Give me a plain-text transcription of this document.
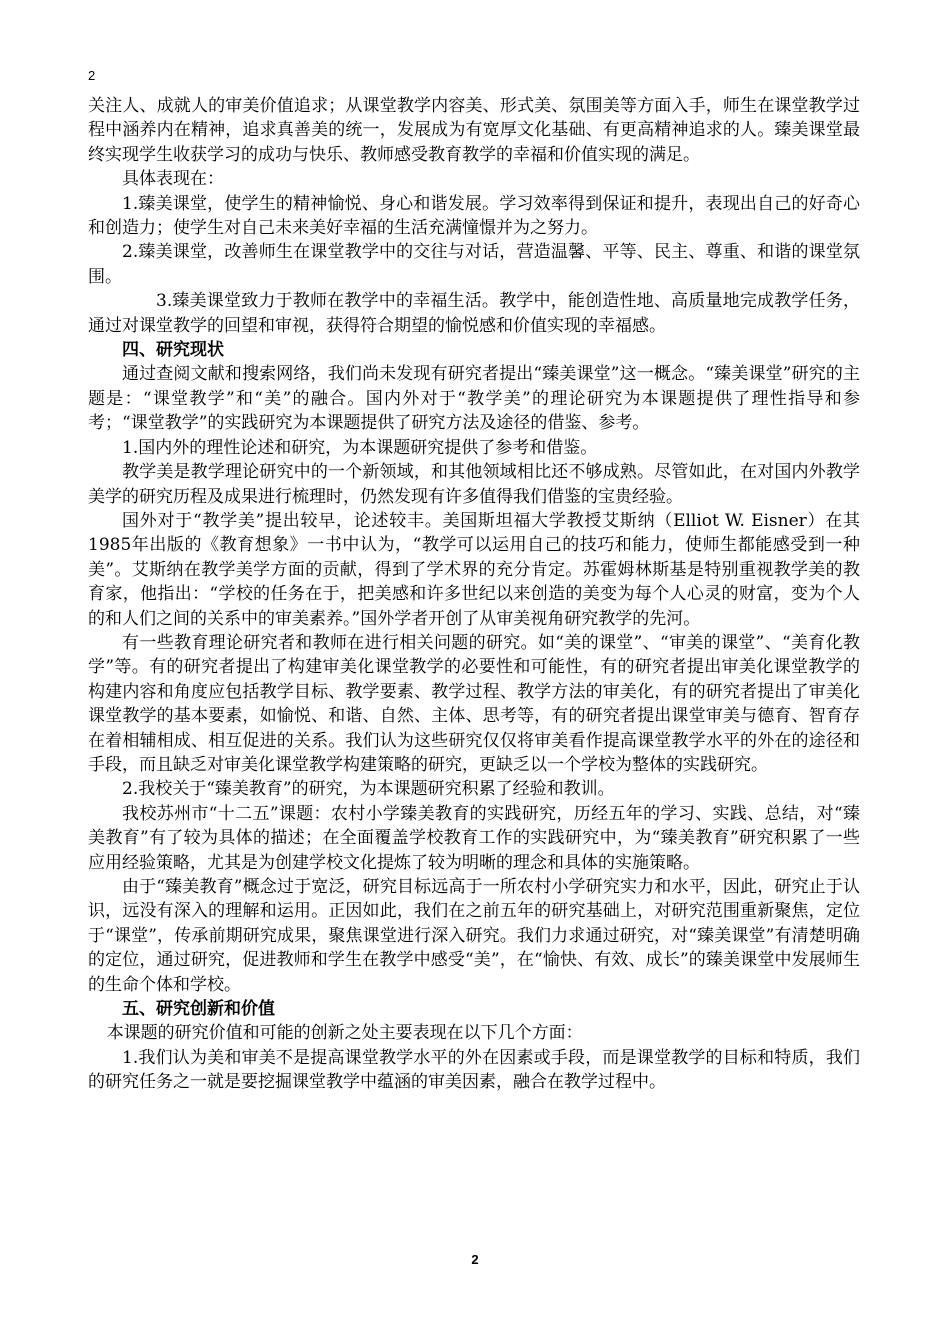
2

关注人、成就人的审美价值追求；从课堂教学内容美、形式美、氛围美等方面入手，师生在课堂教学过程中涵养内在精神，追求真善美的统一，发展成为有宽厚文化基础、有更高精神追求的人。臻美课堂最终实现学生收获学习的成功与快乐、教师感受教育教学的幸福和价值实现的满足。

具体表现在：

1.臻美课堂，使学生的精神愉悦、身心和谐发展。学习效率得到保证和提升，表现出自己的好奇心和创造力；使学生对自己未来美好幸福的生活充满憧憬并为之努力。

2.臻美课堂，改善师生在课堂教学中的交往与对话，营造温馨、平等、民主、尊重、和谐的课堂氛围。

3.臻美课堂致力于教师在教学中的幸福生活。教学中，能创造性地、高质量地完成教学任务，通过对课堂教学的回望和审视，获得符合期望的愉悦感和价值实现的幸福感。

四、研究现状

通过查阅文献和搜索网络，我们尚未发现有研究者提出“臻美课堂”这一概念。“臻美课堂”研究的主题是：“课堂教学”和“美”的融合。国内外对于“教学美”的理论研究为本课题提供了理性指导和参考；“课堂教学”的实践研究为本课题提供了研究方法及途径的借鉴、参考。

1.国内外的理性论述和研究，为本课题研究提供了参考和借鉴。

教学美是教学理论研究中的一个新领域，和其他领域相比还不够成熟。尽管如此，在对国内外教学美学的研究历程及成果进行梳理时，仍然发现有许多值得我们借鉴的宝贵经验。

国外对于“教学美”提出较早，论述较丰。美国斯坦福大学教授艾斯纳（Elliot W. Eisner）在其1985年出版的《教育想象》一书中认为，“教学可以运用自己的技巧和能力，使师生都能感受到一种美”。艾斯纳在教学美学方面的贡献，得到了学术界的充分肯定。苏霍姆林斯基是特别重视教学美的教育家，他指出：“学校的任务在于，把美感和许多世纪以来创造的美变为每个人心灵的财富，变为个人的和人们之间的关系中的审美素养。”国外学者开创了从审美视角研究教学的先河。

有一些教育理论研究者和教师在进行相关问题的研究。如“美的课堂”、“审美的课堂”、“美育化教学”等。有的研究者提出了构建审美化课堂教学的必要性和可能性，有的研究者提出审美化课堂教学的构建内容和角度应包括教学目标、教学要素、教学过程、教学方法的审美化，有的研究者提出了审美化课堂教学的基本要素，如愉悦、和谐、自然、主体、思考等，有的研究者提出课堂审美与德育、智育存在着相辅相成、相互促进的关系。我们认为这些研究仅仅将审美看作提高课堂教学水平的外在的途径和手段，而且缺乏对审美化课堂教学构建策略的研究，更缺乏以一个学校为整体的实践研究。

2.我校关于“臻美教育”的研究，为本课题研究积累了经验和教训。

我校苏州市“十二五”课题：农村小学臻美教育的实践研究，历经五年的学习、实践、总结，对“臻美教育”有了较为具体的描述；在全面覆盖学校教育工作的实践研究中，为“臻美教育”研究积累了一些应用经验策略，尤其是为创建学校文化提炼了较为明晰的理念和具体的实施策略。

由于“臻美教育”概念过于宽泛，研究目标远高于一所农村小学研究实力和水平，因此，研究止于认识，远没有深入的理解和运用。正因如此，我们在之前五年的研究基础上，对研究范围重新聚焦，定位于“课堂”，传承前期研究成果，聚焦课堂进行深入研究。我们力求通过研究，对“臻美课堂”有清楚明确的定位，通过研究，促进教师和学生在教学中感受“美”，在“愉快、有效、成长”的臻美课堂中发展师生的生命个体和学校。

五、研究创新和价值

本课题的研究价值和可能的创新之处主要表现在以下几个方面：

1.我们认为美和审美不是提高课堂教学水平的外在因素或手段，而是课堂教学的目标和特质，我们的研究任务之一就是要挖掘课堂教学中蕴涵的审美因素，融合在教学过程中。

2
